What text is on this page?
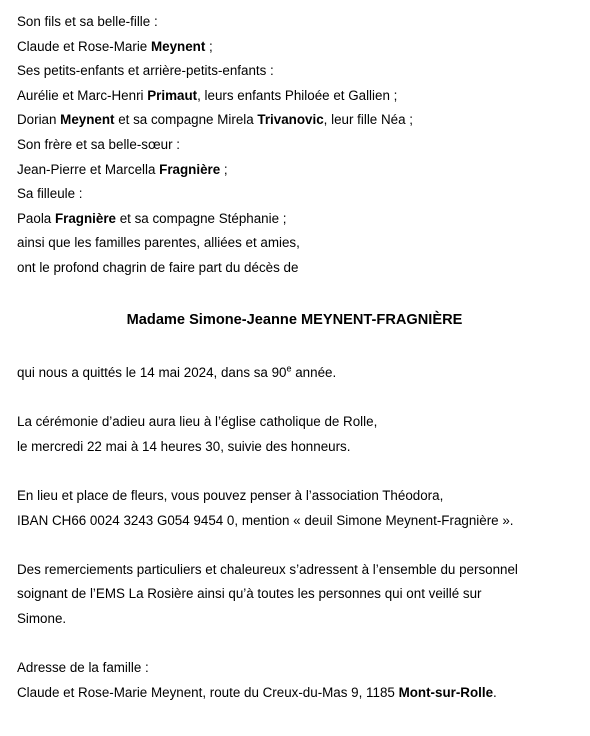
Son fils et sa belle-fille :
Claude et Rose-Marie Meynent ;
Ses petits-enfants et arrière-petits-enfants :
Aurélie et Marc-Henri Primaut, leurs enfants Philoée et Gallien ;
Dorian Meynent et sa compagne Mirela Trivanovic, leur fille Néa ;
Son frère et sa belle-sœur :
Jean-Pierre et Marcella Fragnière ;
Sa filleule :
Paola Fragnière et sa compagne Stéphanie ;
ainsi que les familles parentes, alliées et amies,
ont le profond chagrin de faire part du décès de
Madame Simone-Jeanne MEYNENT-FRAGNIÈRE
qui nous a quittés le 14 mai 2024, dans sa 90e année.
La cérémonie d’adieu aura lieu à l’église catholique de Rolle,
le mercredi 22 mai à 14 heures 30, suivie des honneurs.
En lieu et place de fleurs, vous pouvez penser à l’association Théodora,
IBAN CH66 0024 3243 G054 9454 0, mention « deuil Simone Meynent-Fragnière ».
Des remerciements particuliers et chaleureux s’adressent à l’ensemble du personnel
soignant de l’EMS La Rosière ainsi qu’à toutes les personnes qui ont veillé sur
Simone.
Adresse de la famille :
Claude et Rose-Marie Meynent, route du Creux-du-Mas 9, 1185 Mont-sur-Rolle.
